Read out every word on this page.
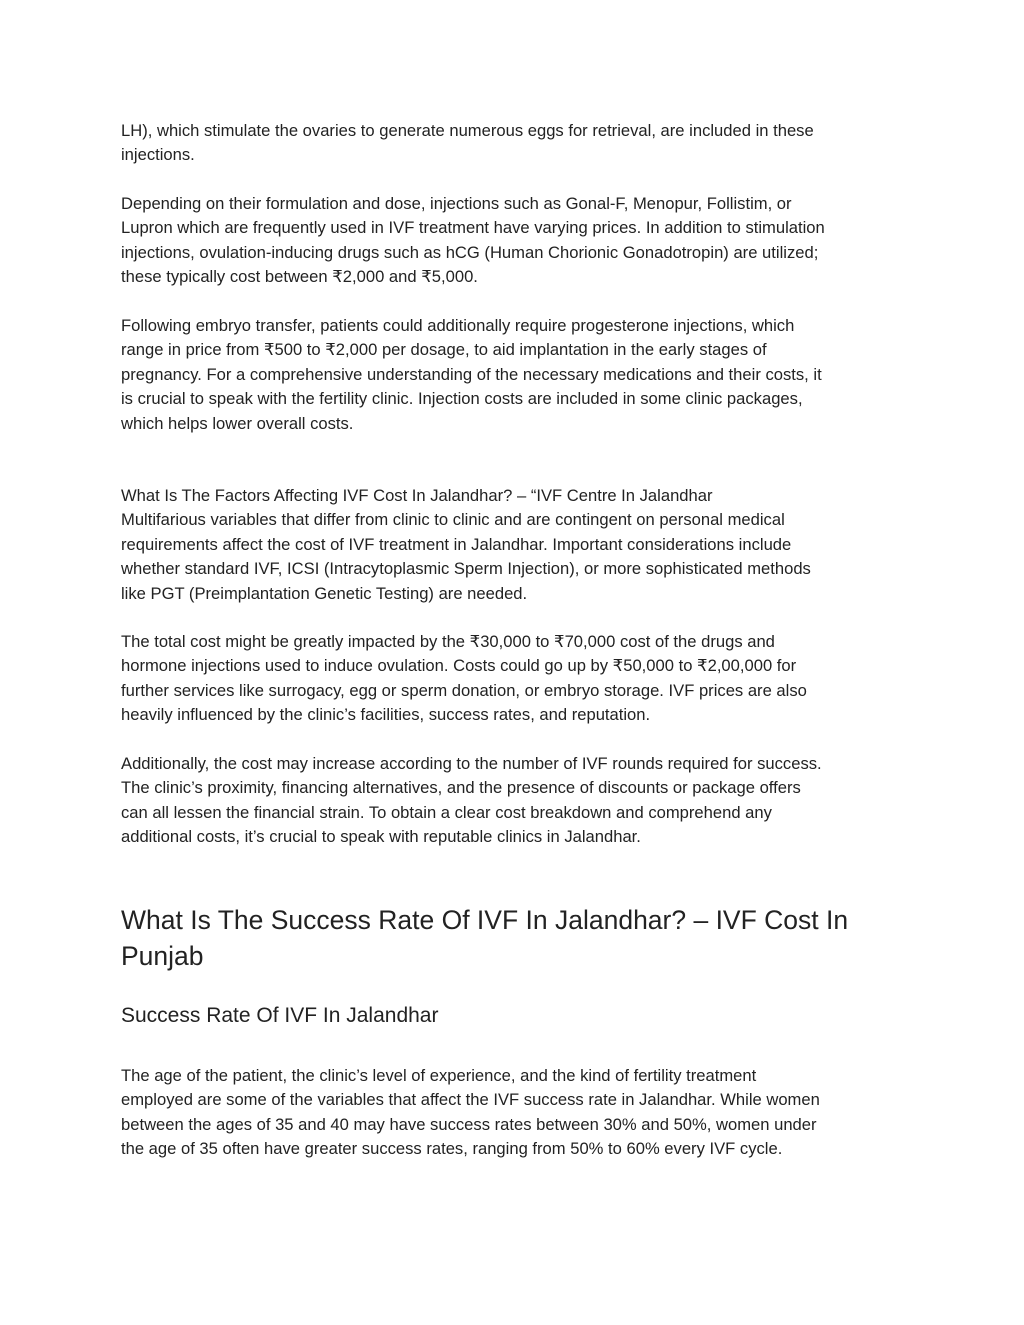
LH), which stimulate the ovaries to generate numerous eggs for retrieval, are included in these
injections.

Depending on their formulation and dose, injections such as Gonal-F, Menopur, Follistim, or
Lupron which are frequently used in IVF treatment have varying prices. In addition to stimulation
injections, ovulation-inducing drugs such as hCG (Human Chorionic Gonadotropin) are utilized;
these typically cost between ₹2,000 and ₹5,000.

Following embryo transfer, patients could additionally require progesterone injections, which
range in price from ₹500 to ₹2,000 per dosage, to aid implantation in the early stages of
pregnancy. For a comprehensive understanding of the necessary medications and their costs, it
is crucial to speak with the fertility clinic. Injection costs are included in some clinic packages,
which helps lower overall costs.

What Is The Factors Affecting IVF Cost In Jalandhar? – “IVF Centre In Jalandhar
Multifarious variables that differ from clinic to clinic and are contingent on personal medical
requirements affect the cost of IVF treatment in Jalandhar. Important considerations include
whether standard IVF, ICSI (Intracytoplasmic Sperm Injection), or more sophisticated methods
like PGT (Preimplantation Genetic Testing) are needed.

The total cost might be greatly impacted by the ₹30,000 to ₹70,000 cost of the drugs and
hormone injections used to induce ovulation. Costs could go up by ₹50,000 to ₹2,00,000 for
further services like surrogacy, egg or sperm donation, or embryo storage. IVF prices are also
heavily influenced by the clinic’s facilities, success rates, and reputation.

Additionally, the cost may increase according to the number of IVF rounds required for success.
The clinic’s proximity, financing alternatives, and the presence of discounts or package offers
can all lessen the financial strain. To obtain a clear cost breakdown and comprehend any
additional costs, it’s crucial to speak with reputable clinics in Jalandhar.

What Is The Success Rate Of IVF In Jalandhar? – IVF Cost In
Punjab
Success Rate Of IVF In Jalandhar

The age of the patient, the clinic’s level of experience, and the kind of fertility treatment
employed are some of the variables that affect the IVF success rate in Jalandhar. While women
between the ages of 35 and 40 may have success rates between 30% and 50%, women under
the age of 35 often have greater success rates, ranging from 50% to 60% every IVF cycle.
